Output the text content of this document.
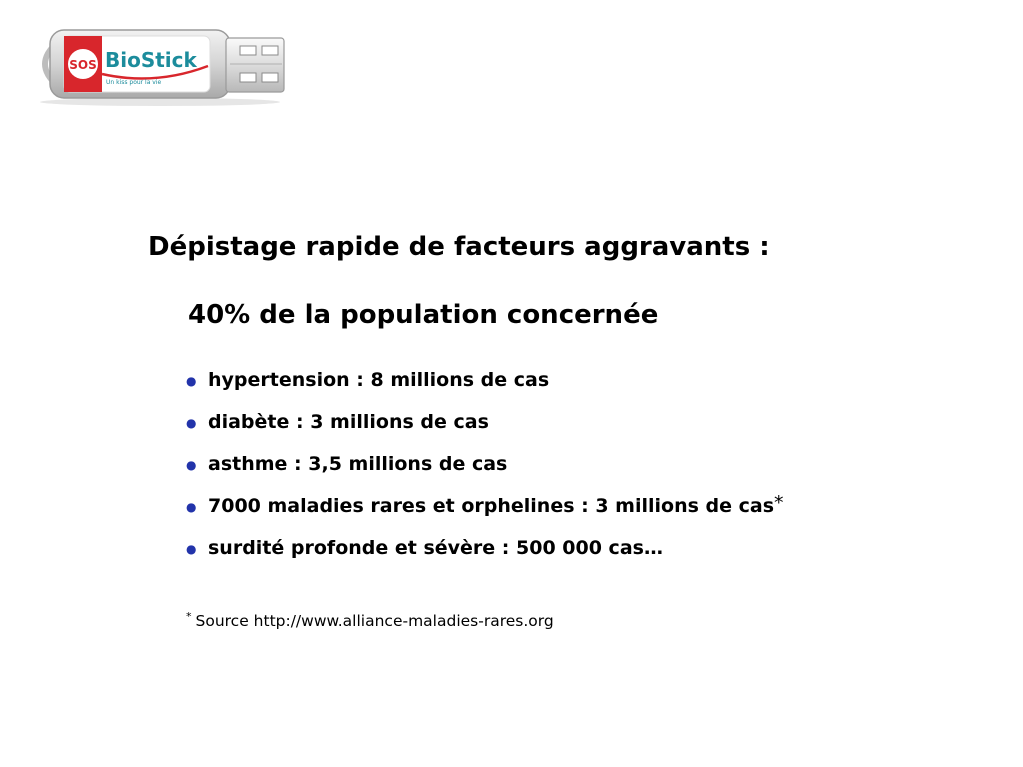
SOS BioStick
Un kiss pour la vie
Dépistage rapide de facteurs aggravants :
40% de la population concernée
● hypertension : 8 millions de cas
● diabète : 3 millions de cas
● asthme : 3,5 millions de cas
● 7000 maladies rares et orphelines : 3 millions de cas *
● surdité profonde et sévère : 500 000 cas…
* Source http://www.alliance-maladies-rares.org
